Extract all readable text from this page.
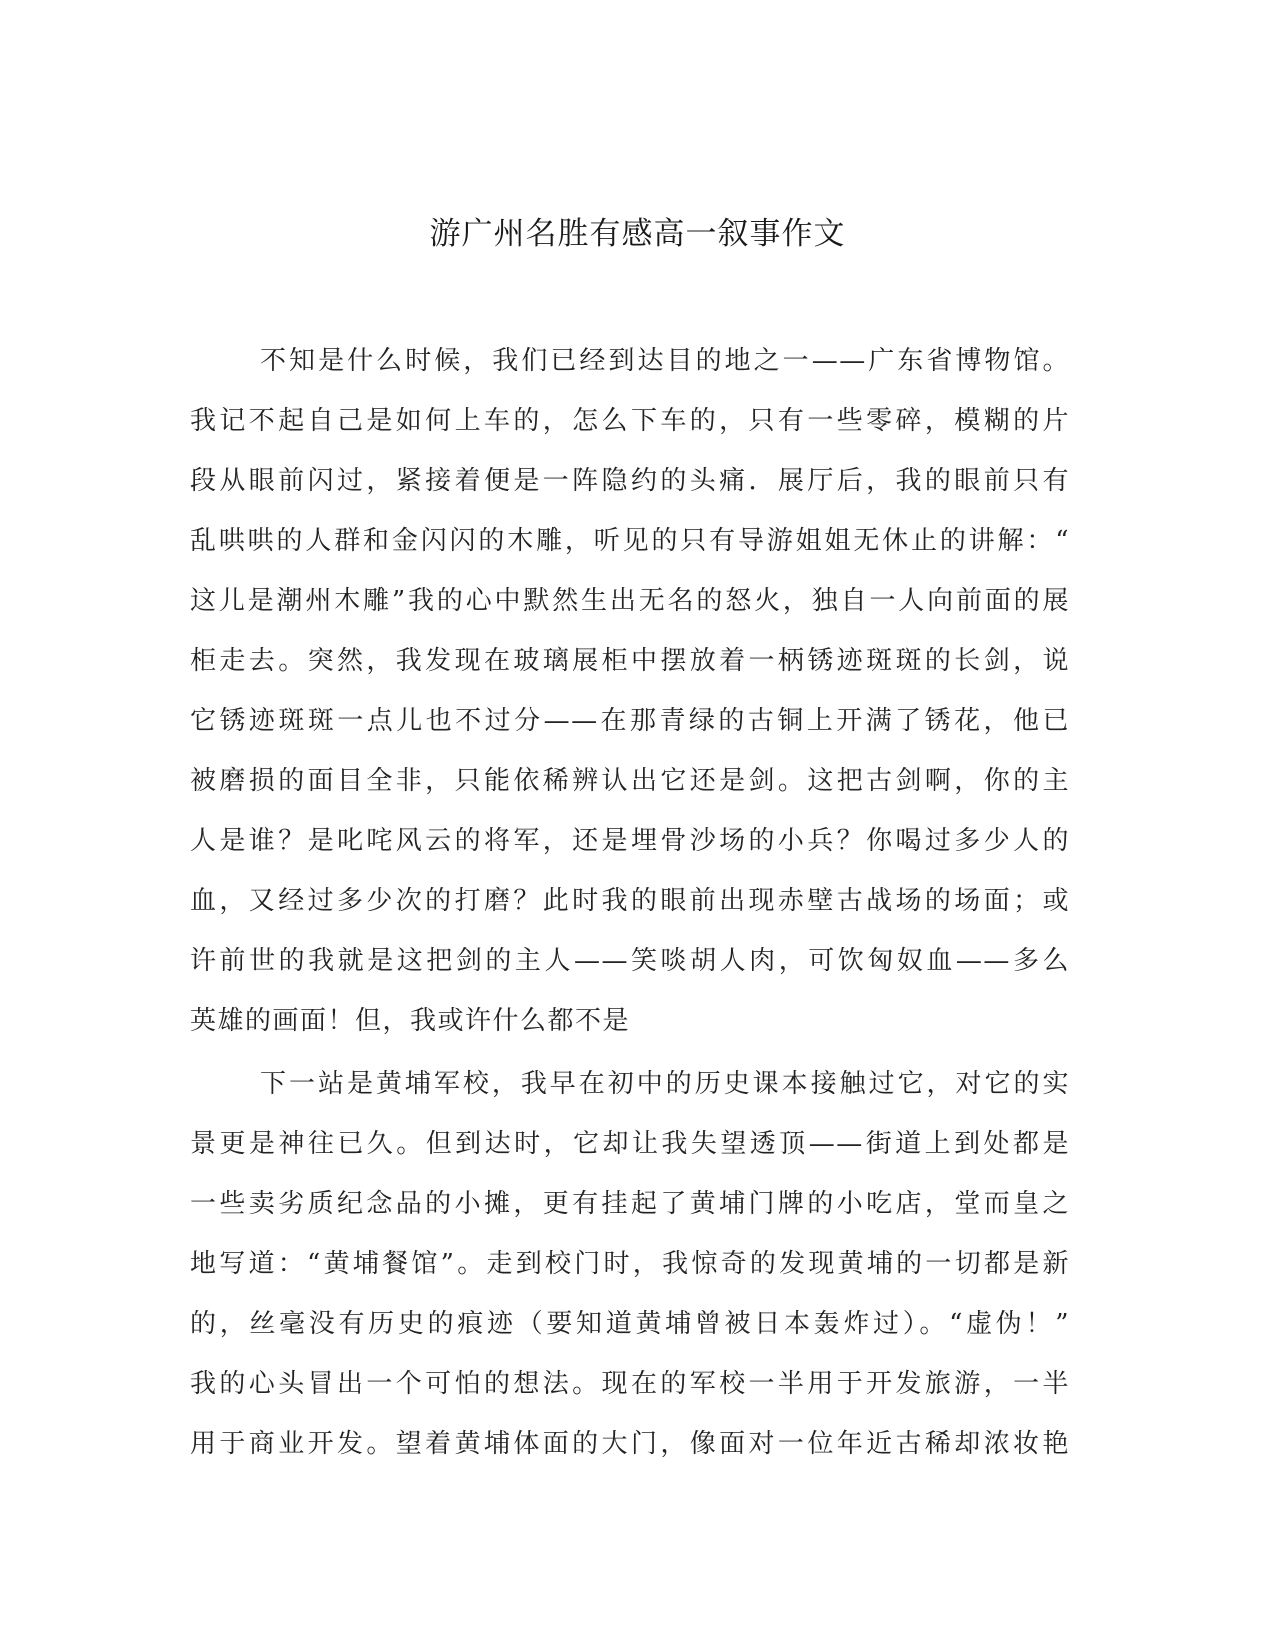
游广州名胜有感高一叙事作文
不知是什么时候，我们已经到达目的地之一——广东省博物馆。
我记不起自己是如何上车的，怎么下车的，只有一些零碎，模糊的片
段从眼前闪过，紧接着便是一阵隐约的头痛．展厅后，我的眼前只有
乱哄哄的人群和金闪闪的木雕，听见的只有导游姐姐无休止的讲解：“
这儿是潮州木雕”我的心中默然生出无名的怒火，独自一人向前面的展
柜走去。突然，我发现在玻璃展柜中摆放着一柄锈迹斑斑的长剑，说
它锈迹斑斑一点儿也不过分——在那青绿的古铜上开满了锈花，他已
被磨损的面目全非，只能依稀辨认出它还是剑。这把古剑啊，你的主
人是谁？是叱咤风云的将军，还是埋骨沙场的小兵？你喝过多少人的
血，又经过多少次的打磨？此时我的眼前出现赤壁古战场的场面；或
许前世的我就是这把剑的主人——笑啖胡人肉，可饮匈奴血——多么
英雄的画面！但，我或许什么都不是
下一站是黄埔军校，我早在初中的历史课本接触过它，对它的实
景更是神往已久。但到达时，它却让我失望透顶——街道上到处都是
一些卖劣质纪念品的小摊，更有挂起了黄埔门牌的小吃店，堂而皇之
地写道：“黄埔餐馆”。走到校门时，我惊奇的发现黄埔的一切都是新
的，丝毫没有历史的痕迹（要知道黄埔曾被日本轰炸过）。“虚伪！”
我的心头冒出一个可怕的想法。现在的军校一半用于开发旅游，一半
用于商业开发。望着黄埔体面的大门，像面对一位年近古稀却浓妆艳
